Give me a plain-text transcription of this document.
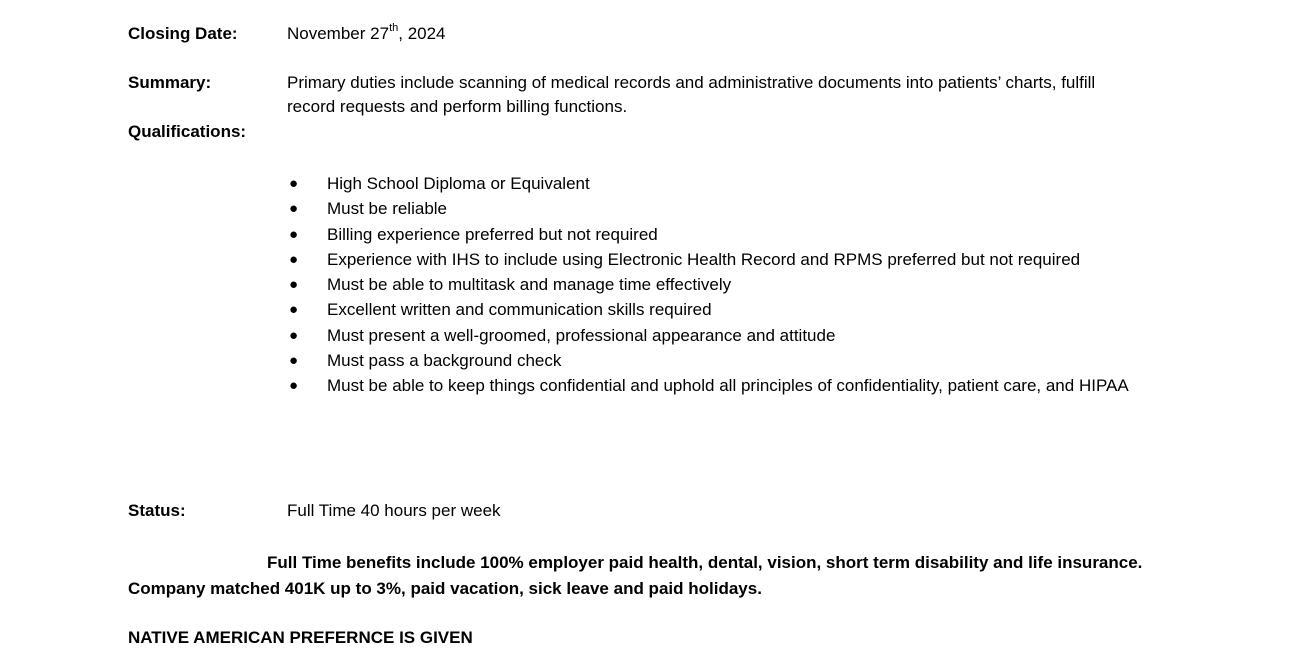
Closing Date:	November 27th, 2024
Summary:	Primary duties include scanning of medical records and administrative documents into patients’ charts, fulfill record requests and perform billing functions.
Qualifications:
● High School Diploma or Equivalent
● Must be reliable
● Billing experience preferred but not required
● Experience with IHS to include using Electronic Health Record and RPMS preferred but not required
● Must be able to multitask and manage time effectively
● Excellent written and communication skills required
● Must present a well-groomed, professional appearance and attitude
● Must pass a background check
● Must be able to keep things confidential and uphold all principles of confidentiality, patient care, and HIPAA
Status:	Full Time 40 hours per week
Full Time benefits include 100% employer paid health, dental, vision, short term disability and life insurance. Company matched 401K up to 3%, paid vacation, sick leave and paid holidays.
NATIVE AMERICAN PREFERNCE IS GIVEN
